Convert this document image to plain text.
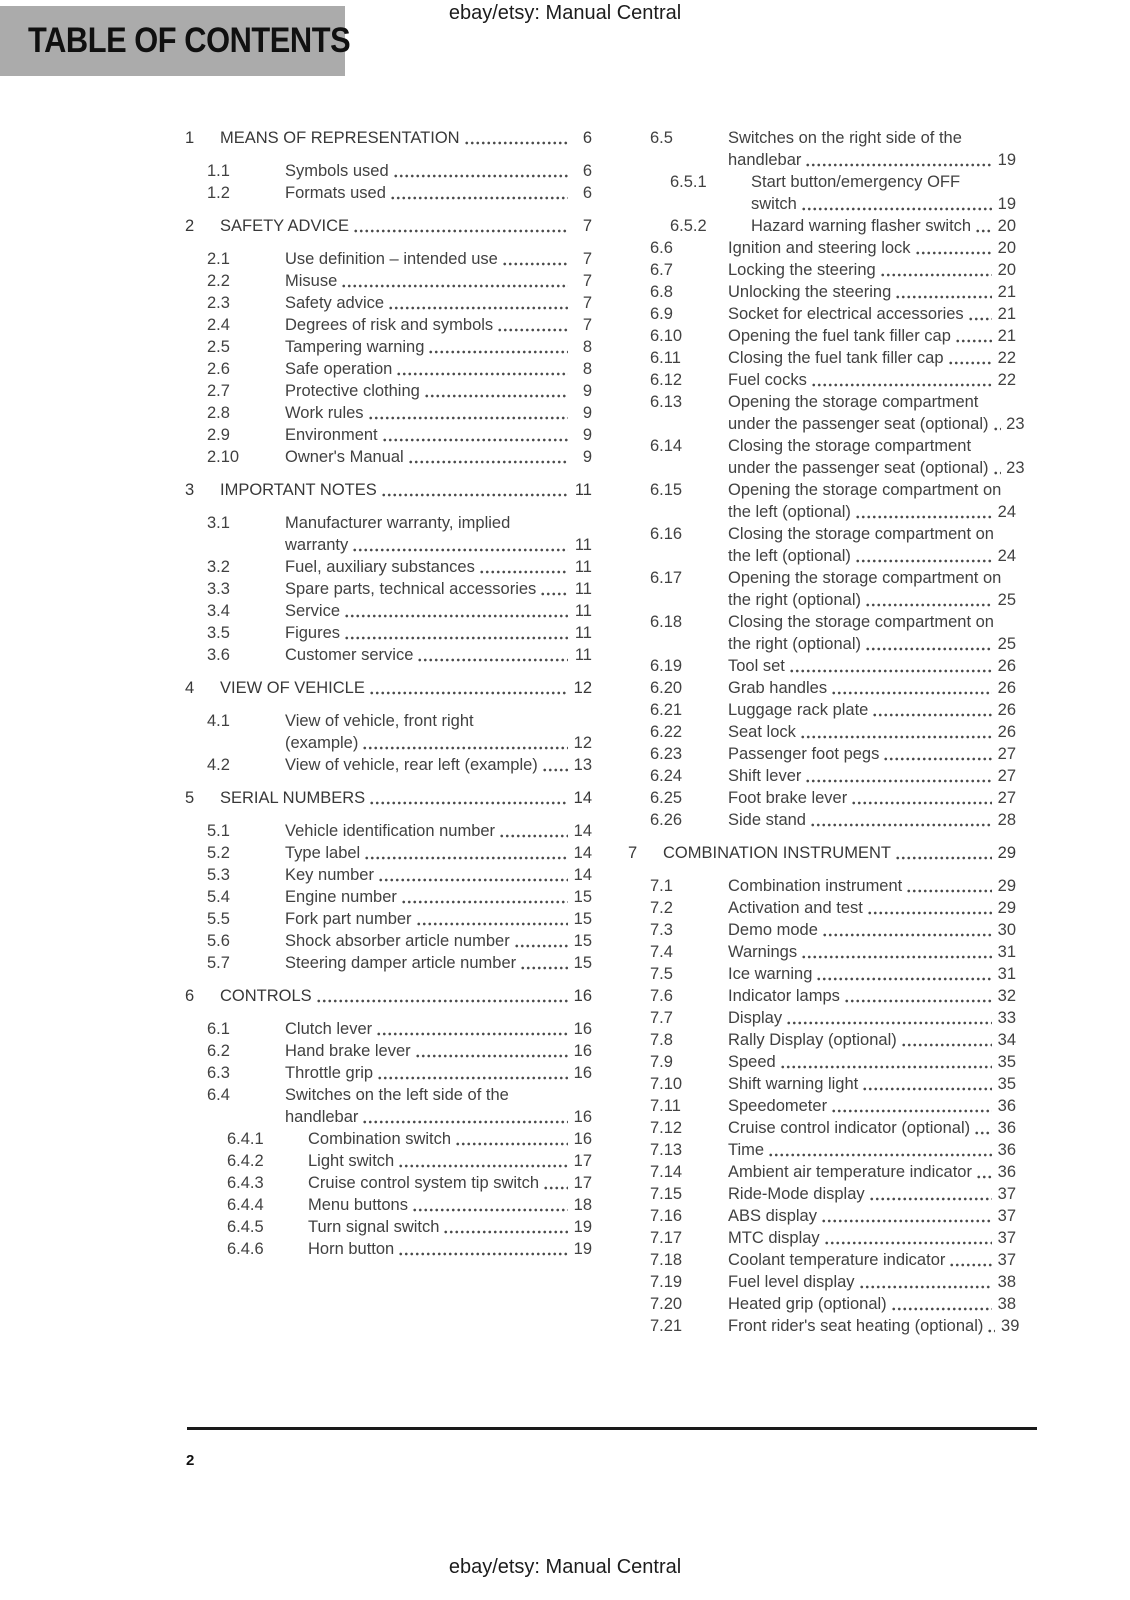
ebay/etsy: Manual Central
TABLE OF CONTENTS
1	MEANS OF REPRESENTATION	6
1.1	Symbols used	6
1.2	Formats used	6
2	SAFETY ADVICE	7
2.1	Use definition – intended use	7
2.2	Misuse	7
2.3	Safety advice	7
2.4	Degrees of risk and symbols	7
2.5	Tampering warning	8
2.6	Safe operation	8
2.7	Protective clothing	9
2.8	Work rules	9
2.9	Environment	9
2.10	Owner's Manual	9
3	IMPORTANT NOTES	11
3.1	Manufacturer warranty, implied
warranty	11
3.2	Fuel, auxiliary substances	11
3.3	Spare parts, technical accessories 11
3.4	Service	11
3.5	Figures	11
3.6	Customer service	11
4	VIEW OF VEHICLE	12
4.1	View of vehicle, front right
(example)	12
4.2	View of vehicle, rear left (example) 13
5	SERIAL NUMBERS	14
5.1	Vehicle identification number	14
5.2	Type label	14
5.3	Key number	14
5.4	Engine number	15
5.5	Fork part number	15
5.6	Shock absorber article number	15
5.7	Steering damper article number	15
6	CONTROLS	16
6.1	Clutch lever	16
6.2	Hand brake lever	16
6.3	Throttle grip	16
6.4	Switches on the left side of the
handlebar	16
6.4.1	Combination switch	16
6.4.2	Light switch	17
6.4.3	Cruise control system tip switch 17
6.4.4	Menu buttons	18
6.4.5	Turn signal switch	19
6.4.6	Horn button	19
6.5	Switches on the right side of the
handlebar	19
6.5.1	Start button/emergency OFF
switch	19
6.5.2	Hazard warning flasher switch 20
6.6	Ignition and steering lock	20
6.7	Locking the steering	20
6.8	Unlocking the steering	21
6.9	Socket for electrical accessories 21
6.10	Opening the fuel tank filler cap	21
6.11	Closing the fuel tank filler cap	22
6.12	Fuel cocks	22
6.13	Opening the storage compartment
under the passenger seat (optional) 23
6.14	Closing the storage compartment
under the passenger seat (optional) 23
6.15	Opening the storage compartment on
the left (optional)	24
6.16	Closing the storage compartment on
the left (optional)	24
6.17	Opening the storage compartment on
the right (optional)	25
6.18	Closing the storage compartment on
the right (optional)	25
6.19	Tool set	26
6.20	Grab handles	26
6.21	Luggage rack plate	26
6.22	Seat lock	26
6.23	Passenger foot pegs	27
6.24	Shift lever	27
6.25	Foot brake lever	27
6.26	Side stand	28
7	COMBINATION INSTRUMENT	29
7.1	Combination instrument	29
7.2	Activation and test	29
7.3	Demo mode	30
7.4	Warnings	31
7.5	Ice warning	31
7.6	Indicator lamps	32
7.7	Display	33
7.8	Rally Display (optional)	34
7.9	Speed	35
7.10	Shift warning light	35
7.11	Speedometer	36
7.12	Cruise control indicator (optional) 36
7.13	Time	36
7.14	Ambient air temperature indicator 36
7.15	Ride-Mode display	37
7.16	ABS display	37
7.17	MTC display	37
7.18	Coolant temperature indicator	37
7.19	Fuel level display	38
7.20	Heated grip (optional)	38
7.21	Front rider's seat heating (optional) 39
2
ebay/etsy: Manual Central
